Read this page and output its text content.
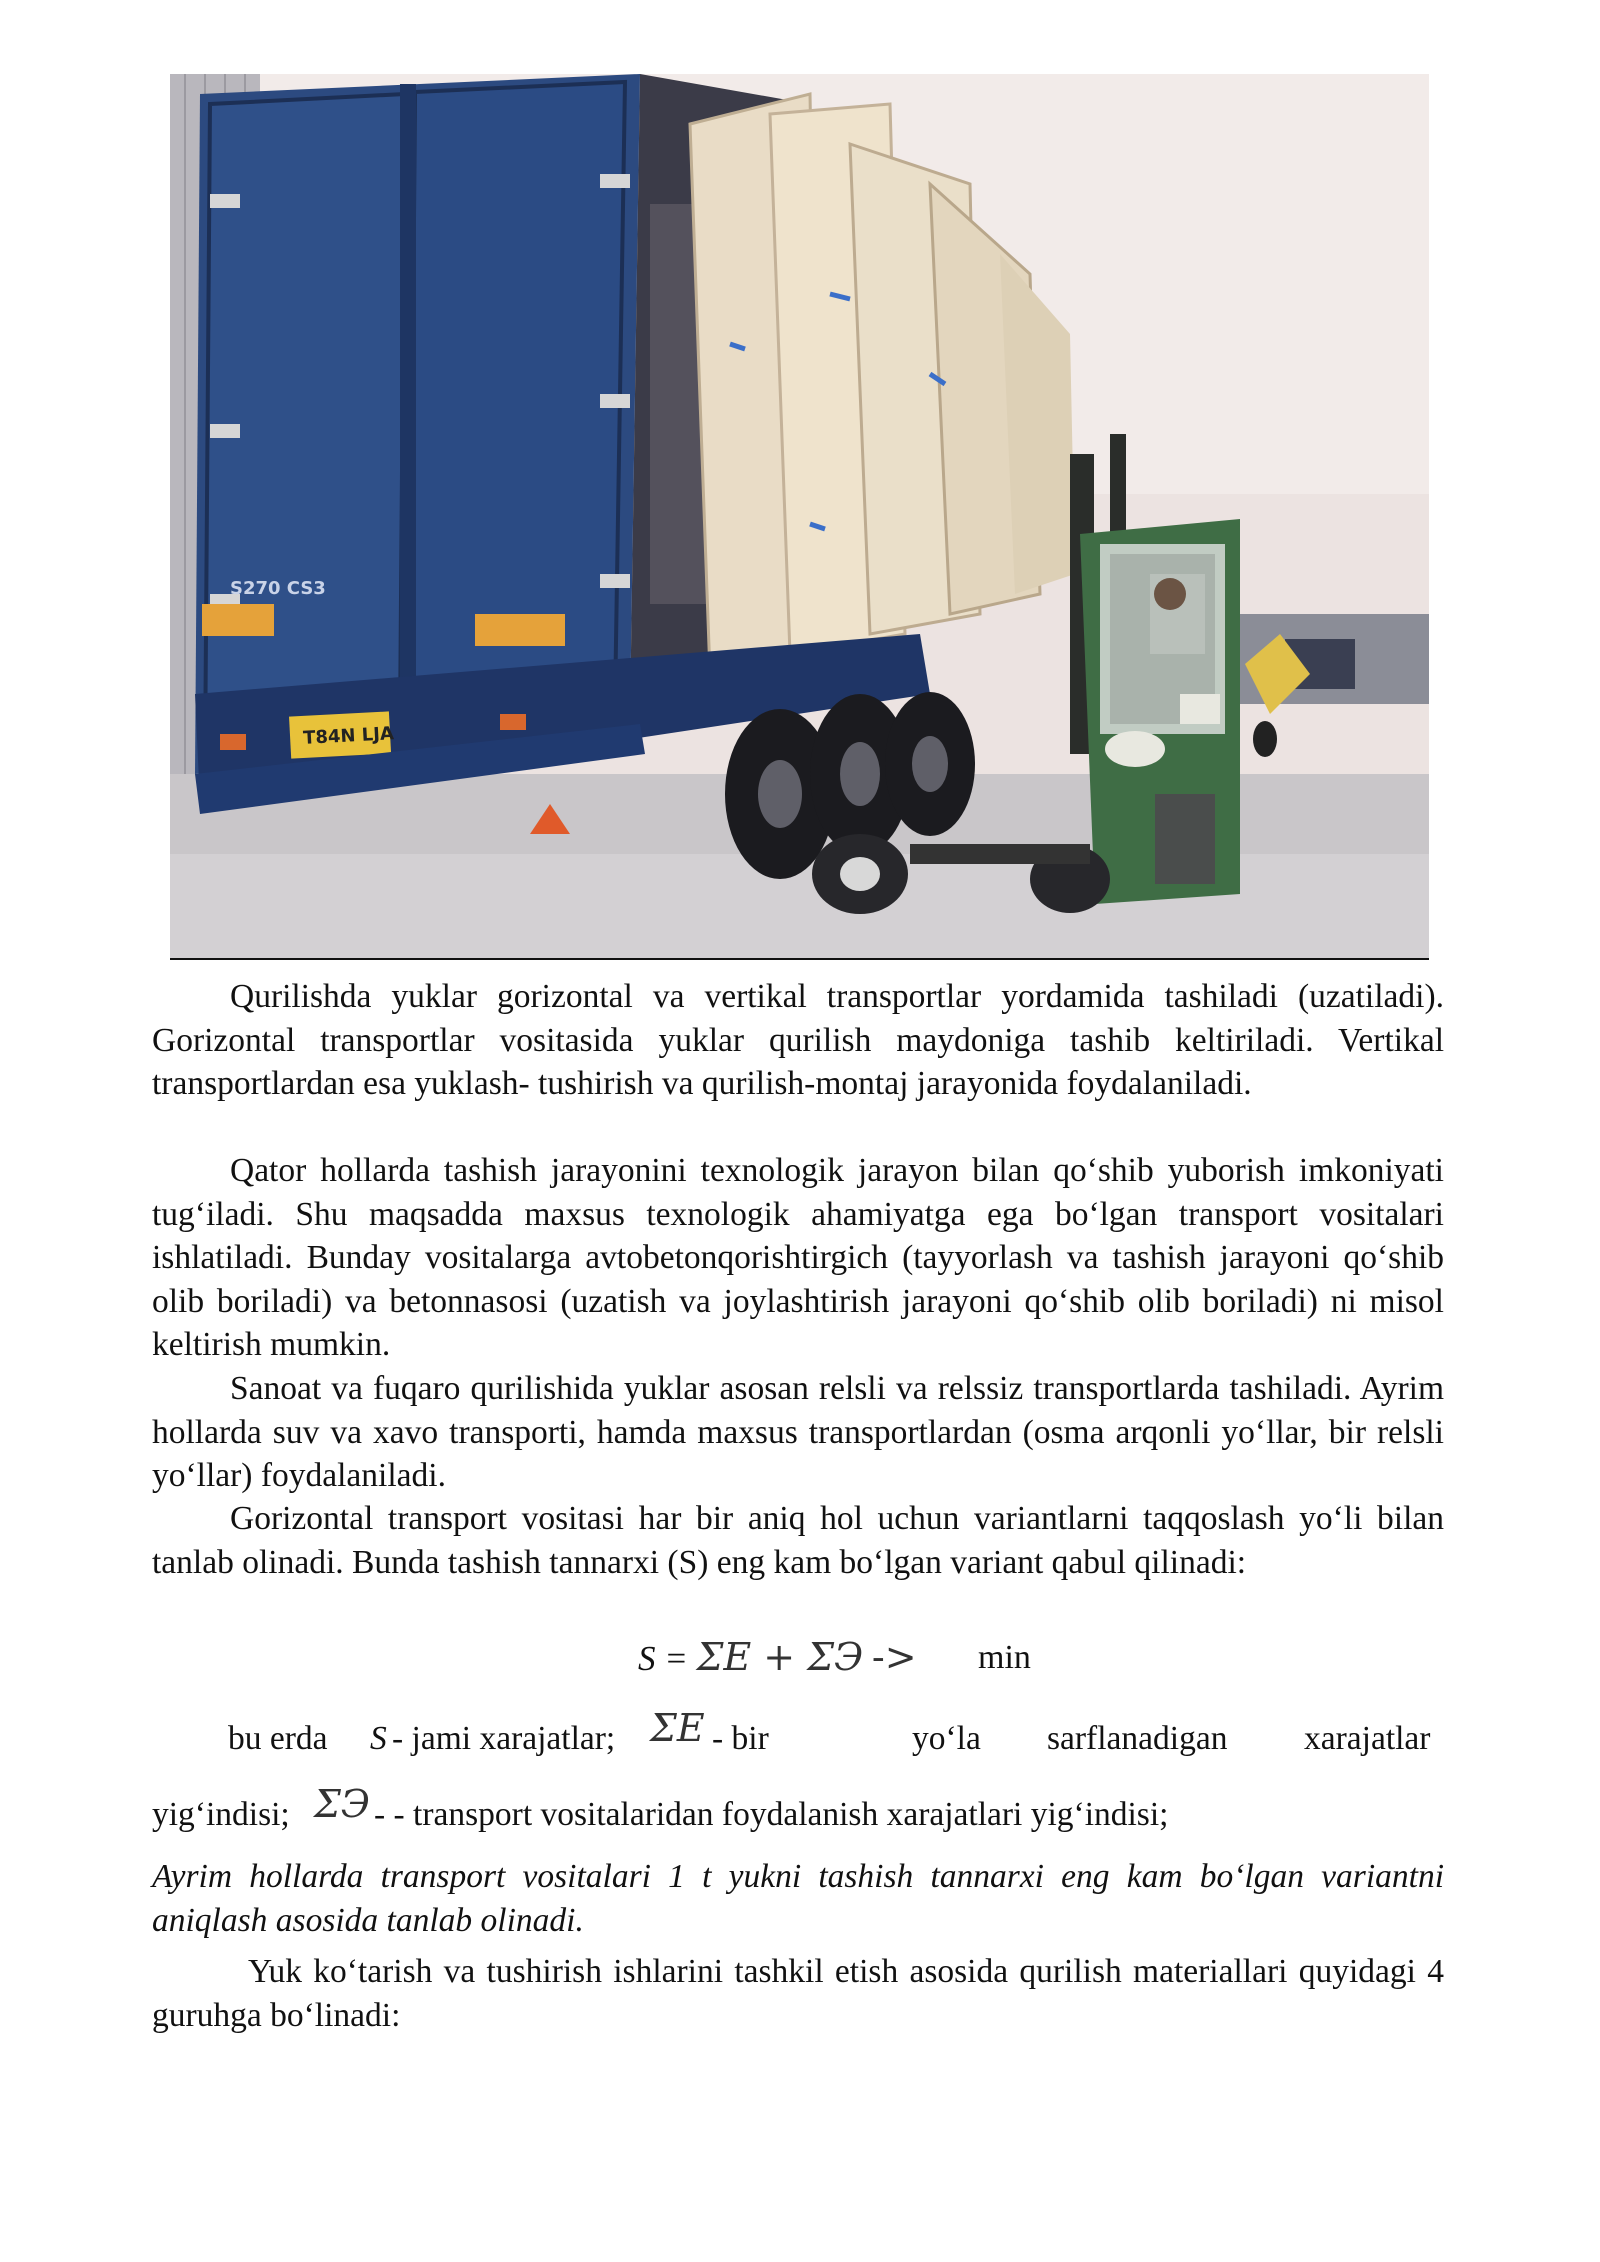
S270 CS3
T84N LJA

Qurilishda yuklar gorizontal va vertikal transportlar yordamida tashiladi (uzatiladi). Gorizontal transportlar vositasida yuklar qurilish maydoniga tashib keltiriladi. Vertikal transportlardan esa yuklash- tushirish va qurilish-montaj jarayonida foydalaniladi.

Qator hollarda tashish jarayonini texnologik jarayon bilan qo‘shib yuborish imkoniyati tug‘iladi. Shu maqsadda maxsus texnologik ahamiyatga ega bo‘lgan transport vositalari ishlatiladi. Bunday vositalarga avtobetonqorishtirgich (tayyorlash va tashish jarayoni qo‘shib olib boriladi) va betonnasosi (uzatish va joylashtirish jarayoni qo‘shib olib boriladi) ni misol keltirish mumkin.

Sanoat va fuqaro qurilishida yuklar asosan relsli va relssiz transportlarda tashiladi. Ayrim hollarda suv va xavo transporti, hamda maxsus transportlardan (osma arqonli yo‘llar, bir relsli yo‘llar) foydalaniladi.

Gorizontal transport vositasi har bir aniq hol uchun variantlarni taqqoslash yo‘li bilan tanlab olinadi. Bunda tashish tannarxi (S) eng kam bo‘lgan variant qabul qilinadi:

S = ΣE + ΣЭ -> min
bu erda S - jami xarajatlar; ΣE - bir	yo‘la sarflanadigan xarajatlar
yig‘indisi; ΣЭ - - transport vositalaridan foydalanish xarajatlari yig‘indisi;

Ayrim hollarda transport vositalari 1 t yukni tashish tannarxi eng kam bo‘lgan variantni aniqlash asosida tanlab olinadi.

Yuk ko‘tarish va tushirish ishlarini tashkil etish asosida qurilish materiallari quyidagi 4 guruhga bo‘linadi:
